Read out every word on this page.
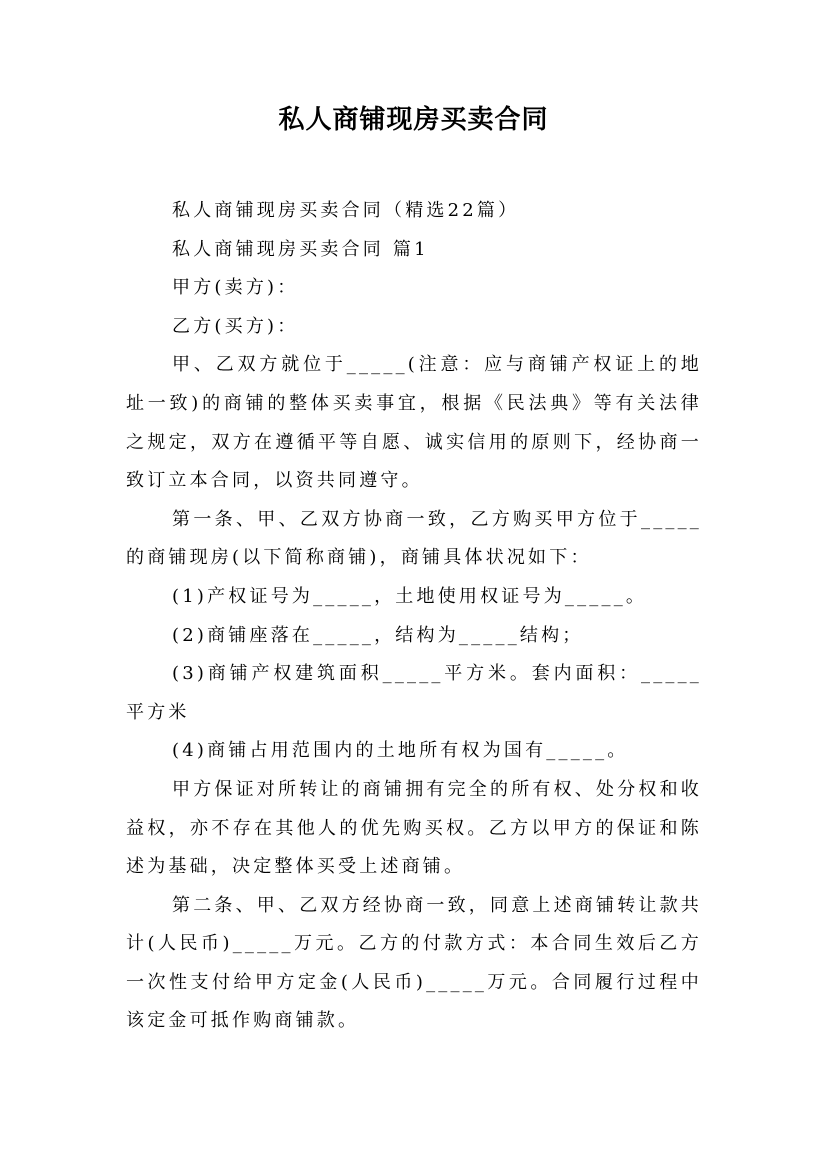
私人商铺现房买卖合同

私人商铺现房买卖合同（精选22篇）

私人商铺现房买卖合同 篇1

甲方(卖方)：

乙方(买方)：

甲、乙双方就位于_____(注意：应与商铺产权证上的地址一致)的商铺的整体买卖事宜，根据《民法典》等有关法律之规定，双方在遵循平等自愿、诚实信用的原则下，经协商一致订立本合同，以资共同遵守。

第一条、甲、乙双方协商一致，乙方购买甲方位于_____的商铺现房(以下简称商铺)，商铺具体状况如下：

(1)产权证号为_____，土地使用权证号为_____。

(2)商铺座落在_____，结构为_____结构；

(3)商铺产权建筑面积_____平方米。套内面积：_____平方米

(4)商铺占用范围内的土地所有权为国有_____。

甲方保证对所转让的商铺拥有完全的所有权、处分权和收益权，亦不存在其他人的优先购买权。乙方以甲方的保证和陈述为基础，决定整体买受上述商铺。

第二条、甲、乙双方经协商一致，同意上述商铺转让款共计(人民币)_____万元。乙方的付款方式：本合同生效后乙方一次性支付给甲方定金(人民币)_____万元。合同履行过程中该定金可抵作购商铺款。
